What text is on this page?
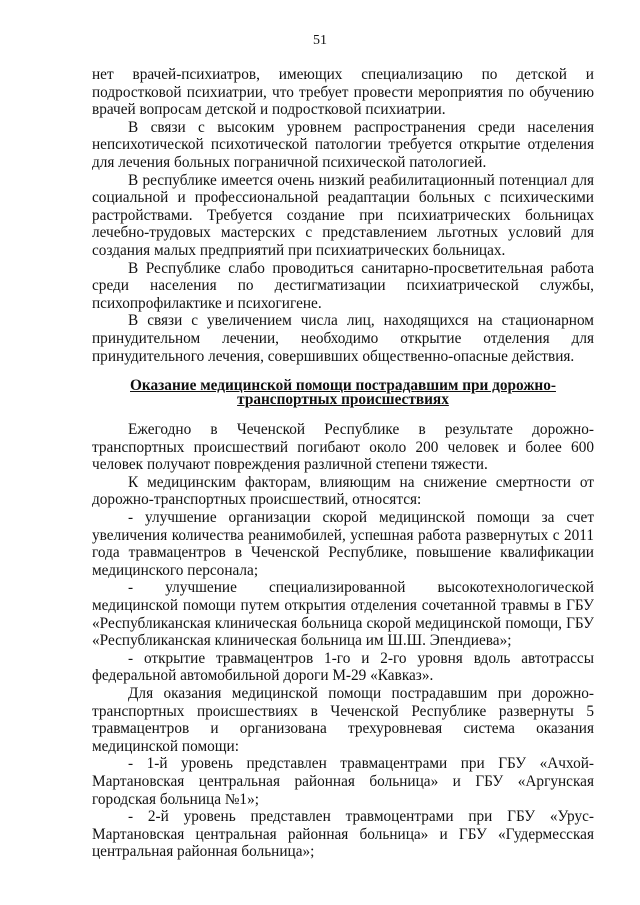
51

нет врачей-психиатров, имеющих специализацию по детской и подростковой психиатрии, что требует провести мероприятия по обучению врачей вопросам детской и подростковой психиатрии.

В связи с высоким уровнем распространения среди населения непсихотической психотической патологии требуется открытие отделения для лечения больных пограничной психической патологией.

В республике имеется очень низкий реабилитационный потенциал для социальной и профессиональной реадаптации больных с психическими растройствами. Требуется создание при психиатрических больницах лечебно-трудовых мастерских с представлением льготных условий для создания малых предприятий при психиатрических больницах.

В Республике слабо проводиться санитарно-просветительная работа среди населения по дестигматизации психиатрической службы, психопрофилактике и психогигене.

В связи с увеличением числа лиц, находящихся на стационарном принудительном лечении, необходимо открытие отделения для принудительного лечения, совершивших общественно-опасные действия.

Оказание медицинской помощи пострадавшим при дорожно-
транспортных происшествиях

Ежегодно в Чеченской Республике в результате дорожно-транспортных происшествий погибают около 200 человек и более 600 человек получают повреждения различной степени тяжести.

К медицинским факторам, влияющим на снижение смертности от дорожно-транспортных происшествий, относятся:

- улучшение организации скорой медицинской помощи за счет увеличения количества реанимобилей, успешная работа развернутых с 2011 года травмацентров в Чеченской Республике, повышение квалификации медицинского персонала;

- улучшение специализированной высокотехнологической медицинской помощи путем открытия отделения сочетанной травмы в ГБУ «Республиканская клиническая больница скорой медицинской помощи, ГБУ «Республиканская клиническая больница им Ш.Ш. Эпендиева»;

- открытие травмацентров 1-го и 2-го уровня вдоль автотрассы федеральной автомобильной дороги М-29 «Кавказ».

Для оказания медицинской помощи пострадавшим при дорожно-транспортных происшествиях в Чеченской Республике развернуты 5 травмацентров и организована трехуровневая система оказания медицинской помощи:

- 1-й уровень представлен травмацентрами при ГБУ «Ачхой-Мартановская центральная районная больница» и ГБУ «Аргунская городская больница №1»;

- 2-й уровень представлен травмоцентрами при ГБУ «Урус-Мартановская центральная районная больница» и ГБУ «Гудермесская центральная районная больница»;
